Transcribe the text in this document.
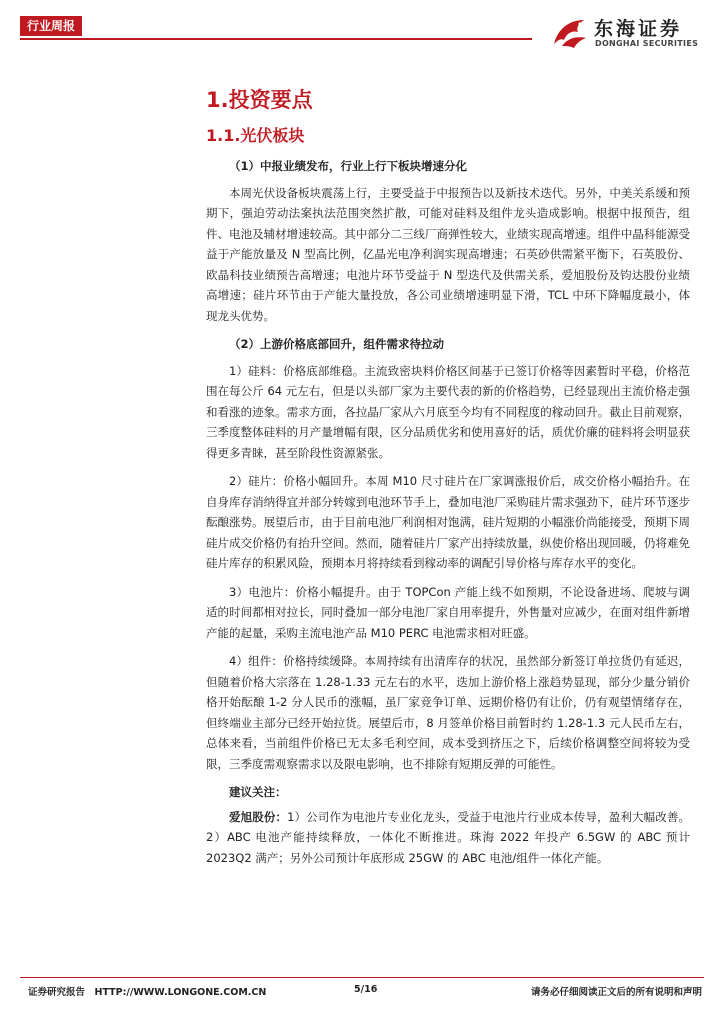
行业周报	东海证券
DONGHAI SECURITIES
1.投资要点
1.1.光伏板块

（1）中报业绩发布，行业上行下板块增速分化

本周光伏设备板块震荡上行，主要受益于中报预告以及新技术迭代。另外，中美关系缓和预期下，强迫劳动法案执法范围突然扩散，可能对硅料及组件龙头造成影响。根据中报预告，组件、电池及辅材增速较高。其中部分二三线厂商弹性较大，业绩实现高增速。组件中晶科能源受益于产能放量及 N 型高比例，亿晶光电净利润实现高增速；石英砂供需紧平衡下，石英股份、欧晶科技业绩预告高增速；电池片环节受益于 N 型迭代及供需关系，爱旭股份及钧达股份业绩高增速；硅片环节由于产能大量投放，各公司业绩增速明显下滑，TCL 中环下降幅度最小，体现龙头优势。

（2）上游价格底部回升，组件需求待拉动

1）硅料：价格底部维稳。主流致密块料价格区间基于已签订价格等因素暂时平稳，价格范围在每公斤 64 元左右，但是以头部厂家为主要代表的新的价格趋势，已经显现出主流价格走强和看涨的迹象。需求方面，各拉晶厂家从六月底至今均有不同程度的稼动回升。截止目前观察，三季度整体硅料的月产量增幅有限，区分品质优劣和使用喜好的话，质优价廉的硅料将会明显获得更多青睐，甚至阶段性资源紧张。

2）硅片：价格小幅回升。本周 M10 尺寸硅片在厂家调涨报价后，成交价格小幅抬升。在自身库存消纳得宜并部分转嫁到电池环节手上，叠加电池厂采购硅片需求强劲下，硅片环节逐步酝酿涨势。展望后市，由于目前电池厂利润相对饱满，硅片短期的小幅涨价尚能接受，预期下周硅片成交价格仍有抬升空间。然而，随着硅片厂家产出持续放量，纵使价格出现回暖，仍将难免硅片库存的积累风险，预期本月将持续看到稼动率的调配引导价格与库存水平的变化。

3）电池片：价格小幅提升。由于 TOPCon 产能上线不如预期，不论设备进场、爬坡与调适的时间都相对拉长，同时叠加一部分电池厂家自用率提升，外售量对应减少，在面对组件新增产能的起量，采购主流电池产品 M10 PERC 电池需求相对旺盛。

4）组件：价格持续缓降。本周持续有出清库存的状况，虽然部分新签订单拉货仍有延迟，但随着价格大宗落在 1.28-1.33 元左右的水平，迭加上游价格上涨趋势显现，部分少量分销价格开始酝酿 1-2 分人民币的涨幅，虽厂家竞争订单、远期价格仍有让价，仍有观望情绪存在，但终端业主部分已经开始拉货。展望后市，8 月签单价格目前暂时约 1.28-1.3 元人民币左右，总体来看，当前组件价格已无太多毛利空间，成本受到挤压之下，后续价格调整空间将较为受限，三季度需观察需求以及限电影响，也不排除有短期反弹的可能性。

建议关注：

爱旭股份：1）公司作为电池片专业化龙头，受益于电池片行业成本传导，盈利大幅改善。2）ABC 电池产能持续释放，一体化不断推进。珠海 2022 年投产 6.5GW 的 ABC 预计 2023Q2 满产；另外公司预计年底形成 25GW 的 ABC 电池/组件一体化产能。

证券研究报告　HTTP://WWW.LONGONE.COM.CN	5/16	请务必仔细阅读正文后的所有说明和声明
